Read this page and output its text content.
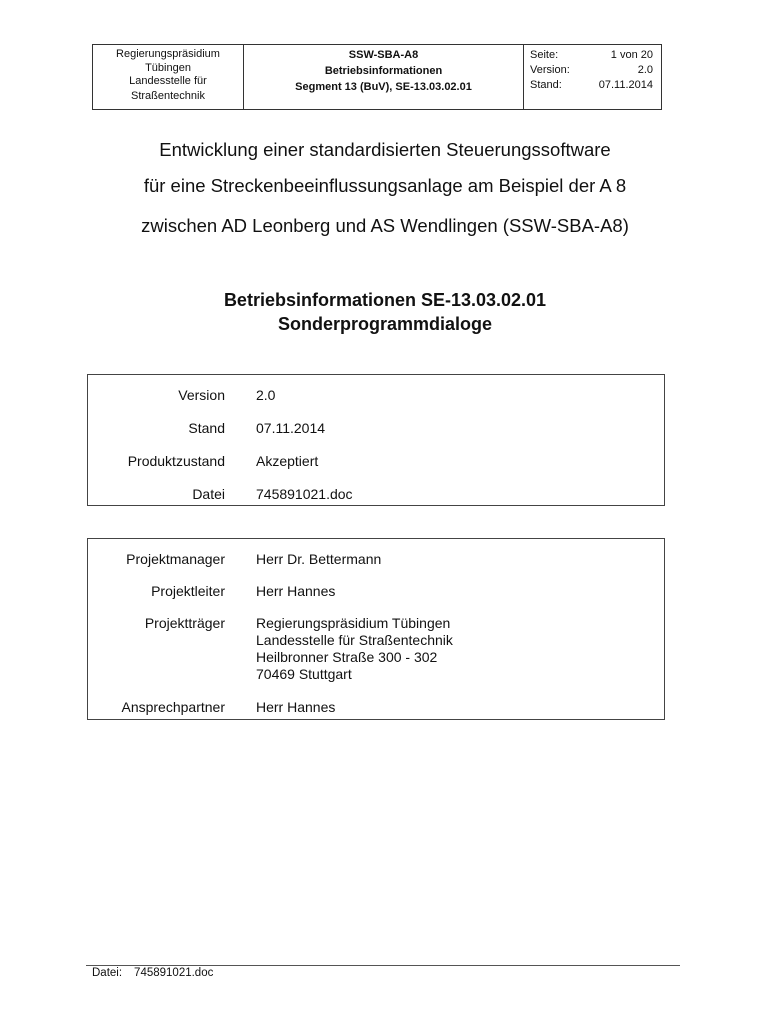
Regierungspräsidium
Tübingen
Landesstelle für
Straßentechnik
SSW-SBA-A8
Betriebsinformationen
Segment 13 (BuV), SE-13.03.02.01
Seite:	1 von 20
Version:	2.0
Stand:	07.11.2014
Entwicklung einer standardisierten Steuerungssoftware
für eine Streckenbeeinflussungsanlage am Beispiel der A 8
zwischen AD Leonberg und AS Wendlingen (SSW-SBA-A8)
Betriebsinformationen SE-13.03.02.01
Sonderprogrammdialoge
Version 2.0
Stand 07.11.2014
Produktzustand Akzeptiert
Datei 745891021.doc
Projektmanager Herr Dr. Bettermann
Projektleiter Herr Hannes
Projektträger Regierungspräsidium Tübingen
Landesstelle für Straßentechnik
Heilbronner Straße 300 - 302
70469 Stuttgart
Ansprechpartner Herr Hannes
Datei: 745891021.doc
